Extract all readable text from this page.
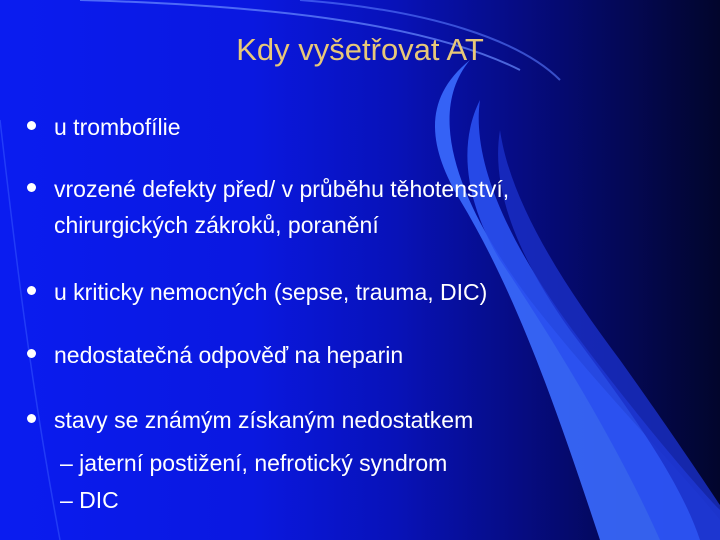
Kdy vyšetřovat AT
u trombofílie
vrozené defekty před/ v průběhu těhotenství,
chirurgických zákroků, poranění
u kriticky nemocných (sepse, trauma, DIC)
nedostatečná odpověď na heparin
stavy se známým získaným nedostatkem
– jaterní postižení, nefrotický syndrom
– DIC
